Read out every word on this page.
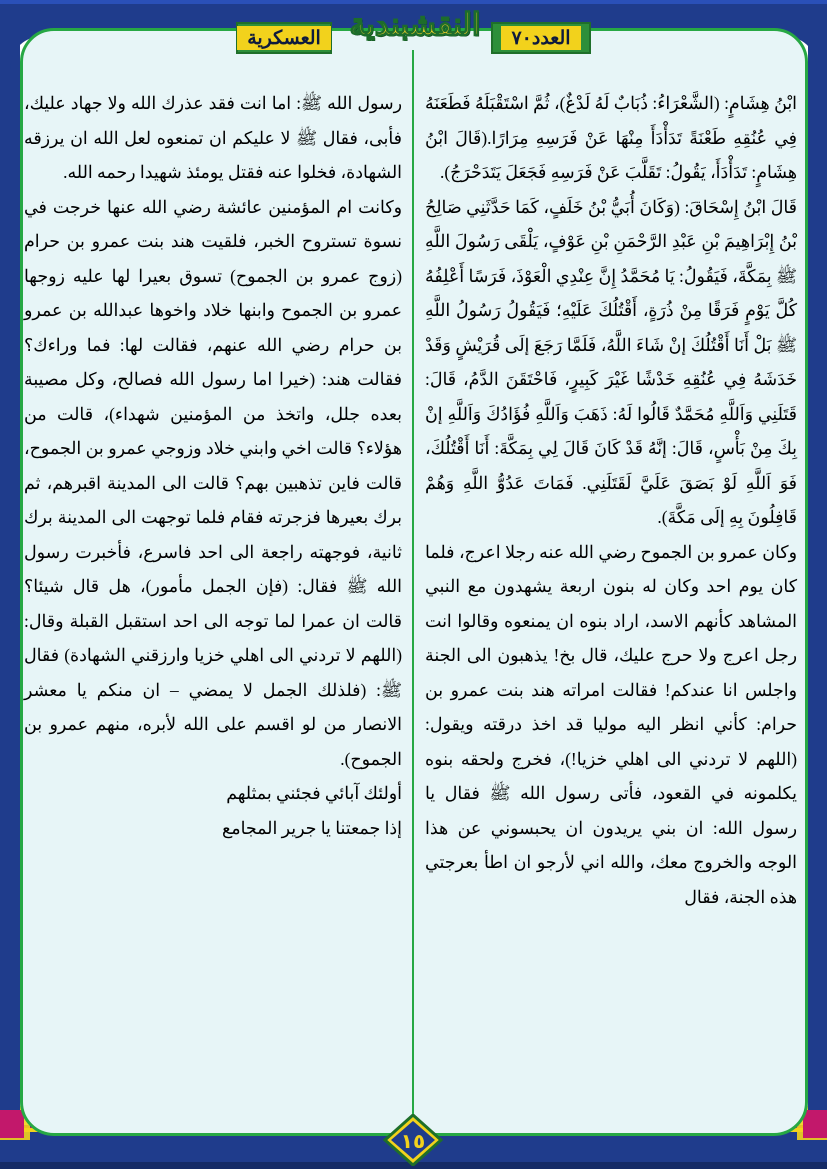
العسكرية النقشبندية	العدد٧٠

ابْنُ هِشَامٍ: (الشَّعْرَاءُ: ذُبَابٌ لَهُ لَدْغٌ)، ثُمَّ اسْتَقْبَلَهُ فَطَعَنَهُ فِي عُنُقِهِ طَعْنَةً تَدَأْدَأَ مِنْهَا عَنْ فَرَسِهِ مِرَارًا.(قَالَ ابْنُ هِشَامٍ: تَدَأْدَأَ، يَقُولُ: تَقَلَّبَ عَنْ فَرَسِهِ فَجَعَلَ يَتَدَحْرَجُ).

قَالَ ابْنُ إِسْحَاقَ: (وَكَانَ أُبَيُّ بْنُ خَلَفٍ، كَمَا حَدَّثَنِي صَالِحُ بْنُ إِبْرَاهِيمَ بْنِ عَبْدِ الرَّحْمَنِ بْنِ عَوْفٍ، يَلْقَى رَسُولَ اللَّهِ ﷺ بِمَكَّةَ، فَيَقُولُ: يَا مُحَمَّدُ إِنَّ عِنْدِي الْعَوْذَ، فَرَسًا أَعْلِفُهُ كُلَّ يَوْمٍ فَرَقًا مِنْ ذُرَةٍ، أَقْتُلُكَ عَلَيْهِ؛ فَيَقُولُ رَسُولُ اللَّهِ ﷺ بَلْ أَنَا أَقْتُلُكَ إنْ شَاءَ اللَّهُ، فَلَمَّا رَجَعَ إلَى قُرَيْشٍ وَقَدْ خَدَشَهُ فِي عُنُقِهِ خَدْشًا غَيْرَ كَبِيرٍ، فَاحْتَقَنَ الدَّمُ، قَالَ: قَتَلَنِي وَاَللَّهِ مُحَمَّدٌ قَالُوا لَهُ: ذَهَبَ وَاَللَّهِ فُؤَادُكَ وَاَللَّهِ إنْ بِكَ مِنْ بَأْسٍ، قَالَ: إنَّهُ قَدْ كَانَ قَالَ لِي بِمَكَّةَ: أَنَا أَقْتُلُكَ، فَوَ اَللَّهِ لَوْ بَصَقَ عَلَيَّ لَقَتَلَنِي. فَمَاتَ عَدُوُّ اللَّهِ وَهُمْ قَافِلُونَ بِهِ إلَى مَكَّةَ).

وكان عمرو بن الجموح رضي الله عنه رجلا اعرج، فلما كان يوم احد وكان له بنون اربعة يشهدون مع النبي المشاهد كأنهم الاسد، اراد بنوه ان يمنعوه وقالوا انت رجل اعرج ولا حرج عليك، قال بخ! يذهبون الى الجنة واجلس انا عندكم! فقالت امراته هند بنت عمرو بن حرام: كأني انظر اليه موليا قد اخذ درقته ويقول: (اللهم لا تردني الى اهلي خزيا!)، فخرج ولحقه بنوه يكلمونه في القعود، فأتى رسول الله ﷺ فقال يا رسول الله: ان بني يريدون ان يحبسوني عن هذا الوجه والخروج معك، والله اني لأرجو ان اطأ بعرجتي هذه الجنة، فقال

رسول الله ﷺ: اما انت فقد عذرك الله ولا جهاد عليك، فأبى، فقال ﷺ لا عليكم ان تمنعوه لعل الله ان يرزقه الشهادة، فخلوا عنه فقتل يومئذ شهيدا رحمه الله.

وكانت ام المؤمنين عائشة رضي الله عنها خرجت في نسوة تستروح الخبر، فلقيت هند بنت عمرو بن حرام (زوج عمرو بن الجموح) تسوق بعيرا لها عليه زوجها عمرو بن الجموح وابنها خلاد واخوها عبدالله بن عمرو بن حرام رضي الله عنهم، فقالت لها: فما وراءك؟ فقالت هند: (خيرا اما رسول الله فصالح، وكل مصيبة بعده جلل، واتخذ من المؤمنين شهداء)، قالت من هؤلاء؟ قالت اخي وابني خلاد وزوجي عمرو بن الجموح، قالت فاين تذهبين بهم؟ قالت الى المدينة اقبرهم، ثم برك بعيرها فزجرته فقام فلما توجهت الى المدينة برك ثانية، فوجهته راجعة الى احد فاسرع، فأخبرت رسول الله ﷺ فقال: (فإن الجمل مأمور)، هل قال شيئا؟ قالت ان عمرا لما توجه الى احد استقبل القبلة وقال: (اللهم لا تردني الى اهلي خزيا وارزقني الشهادة) فقال ﷺ: (فلذلك الجمل لا يمضي – ان منكم يا معشر الانصار من لو اقسم على الله لأبره، منهم عمرو بن الجموح).

أولئك آبائي فجئني بمثلهم

إذا جمعتنا يا جرير المجامع

١٥
